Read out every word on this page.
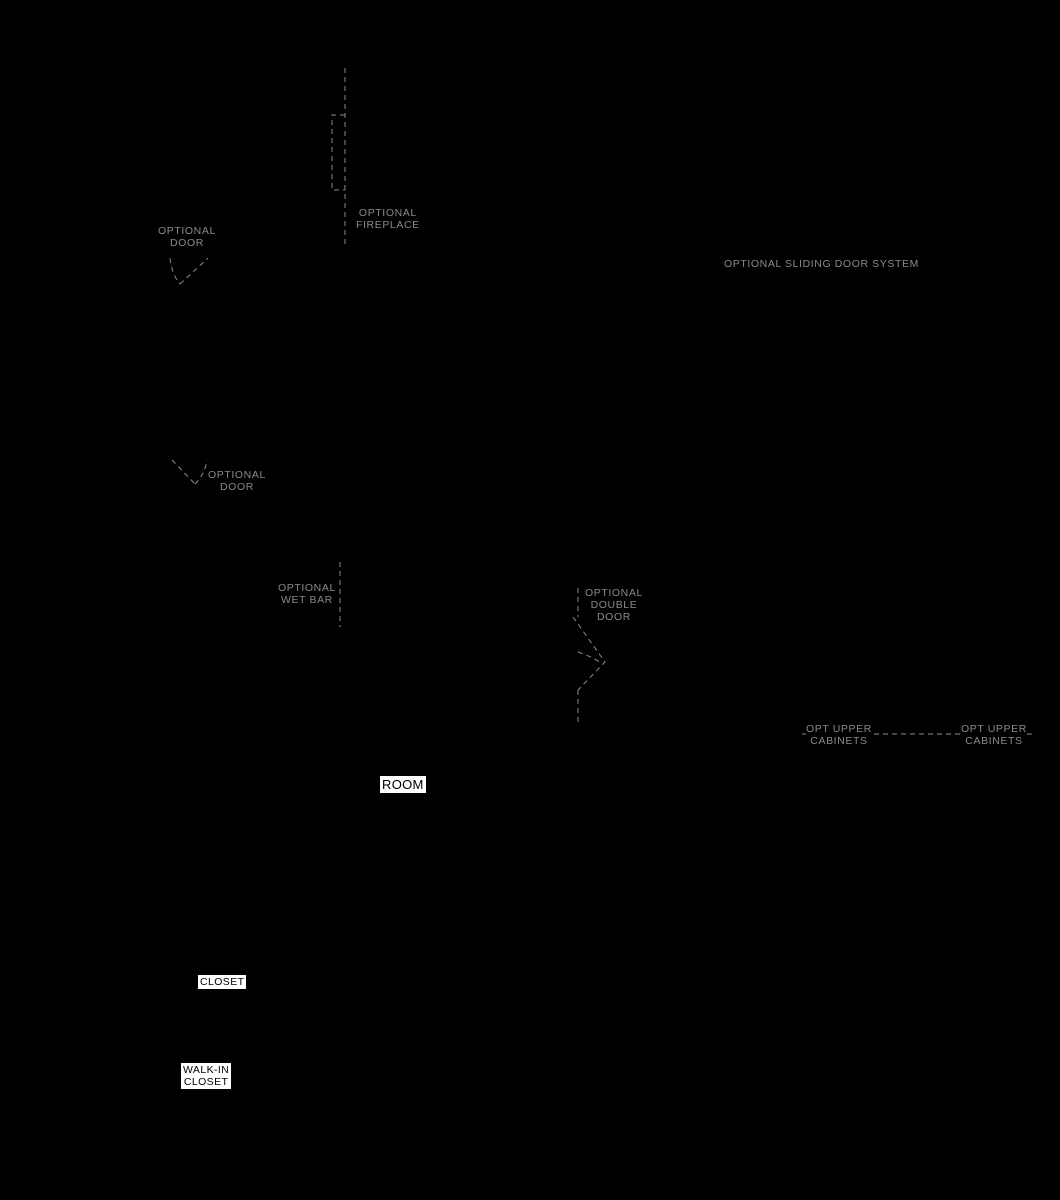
OPTIONAL
FIREPLACE
OPTIONAL
DOOR
OPTIONAL SLIDING DOOR SYSTEM
OPTIONAL
DOOR
OPTIONAL
WET BAR
OPTIONAL
DOUBLE
DOOR
OPT UPPER
CABINETS
OPT UPPER
CABINETS
ROOM
CLOSET
WALK-IN
CLOSET
